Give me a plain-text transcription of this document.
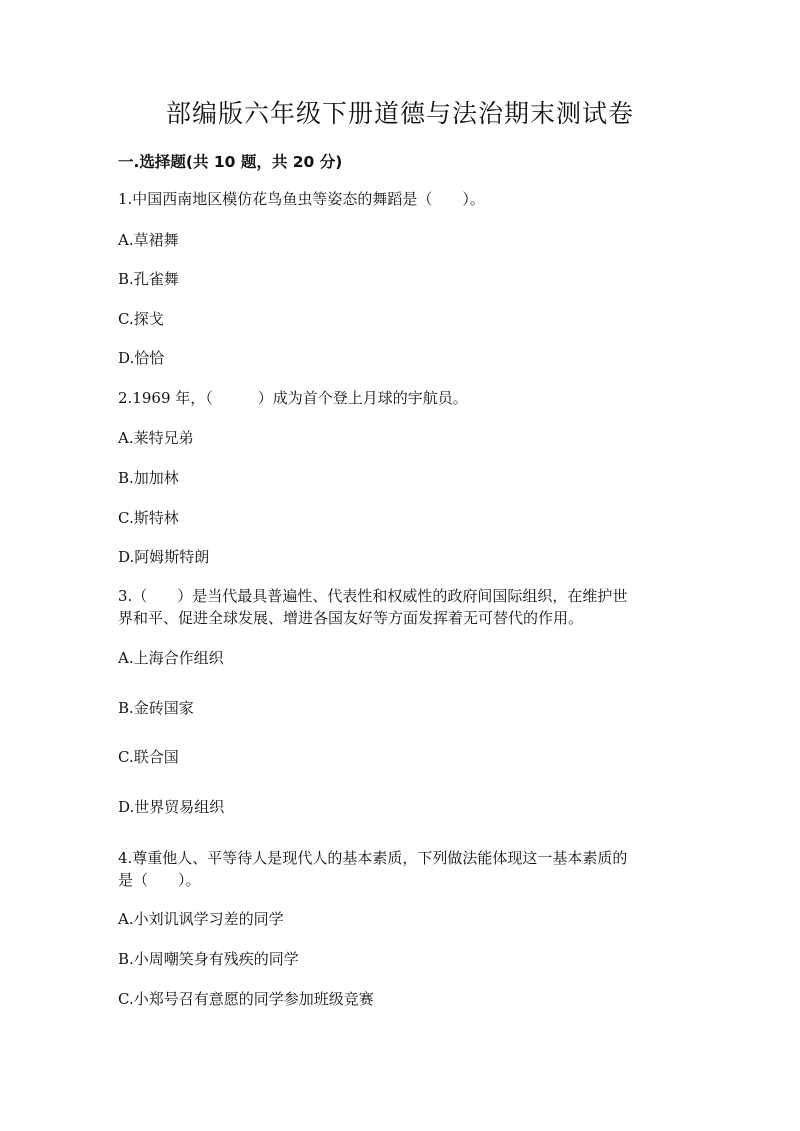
部编版六年级下册道德与法治期末测试卷
一.选择题(共 10 题，共 20 分)
1.中国西南地区模仿花鸟鱼虫等姿态的舞蹈是（　　）。
A.草裙舞
B.孔雀舞
C.探戈
D.恰恰
2.1969 年，（　　　）成为首个登上月球的宇航员。
A.莱特兄弟
B.加加林
C.斯特林
D.阿姆斯特朗
3.（　　）是当代最具普遍性、代表性和权威性的政府间国际组织，在维护世
界和平、促进全球发展、增进各国友好等方面发挥着无可替代的作用。
A.上海合作组织
B.金砖国家
C.联合国
D.世界贸易组织
4.尊重他人、平等待人是现代人的基本素质，下列做法能体现这一基本素质的
是（　　）。
A.小刘讥讽学习差的同学
B.小周嘲笑身有残疾的同学
C.小郑号召有意愿的同学参加班级竞赛
